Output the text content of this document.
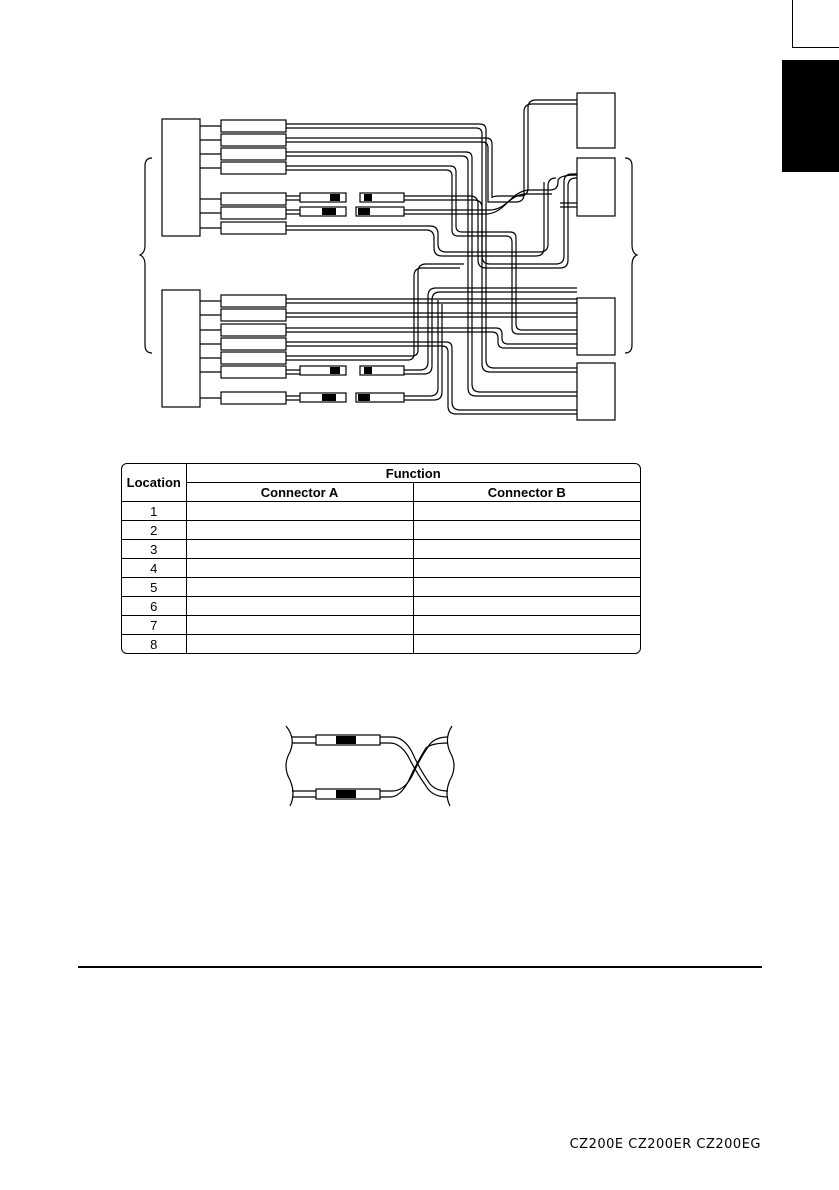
Location	Function	
	Connector A	Connector B
1		
2		
3		
4		
5		
6		
7		
8		
CZ200E CZ200ER CZ200EG
